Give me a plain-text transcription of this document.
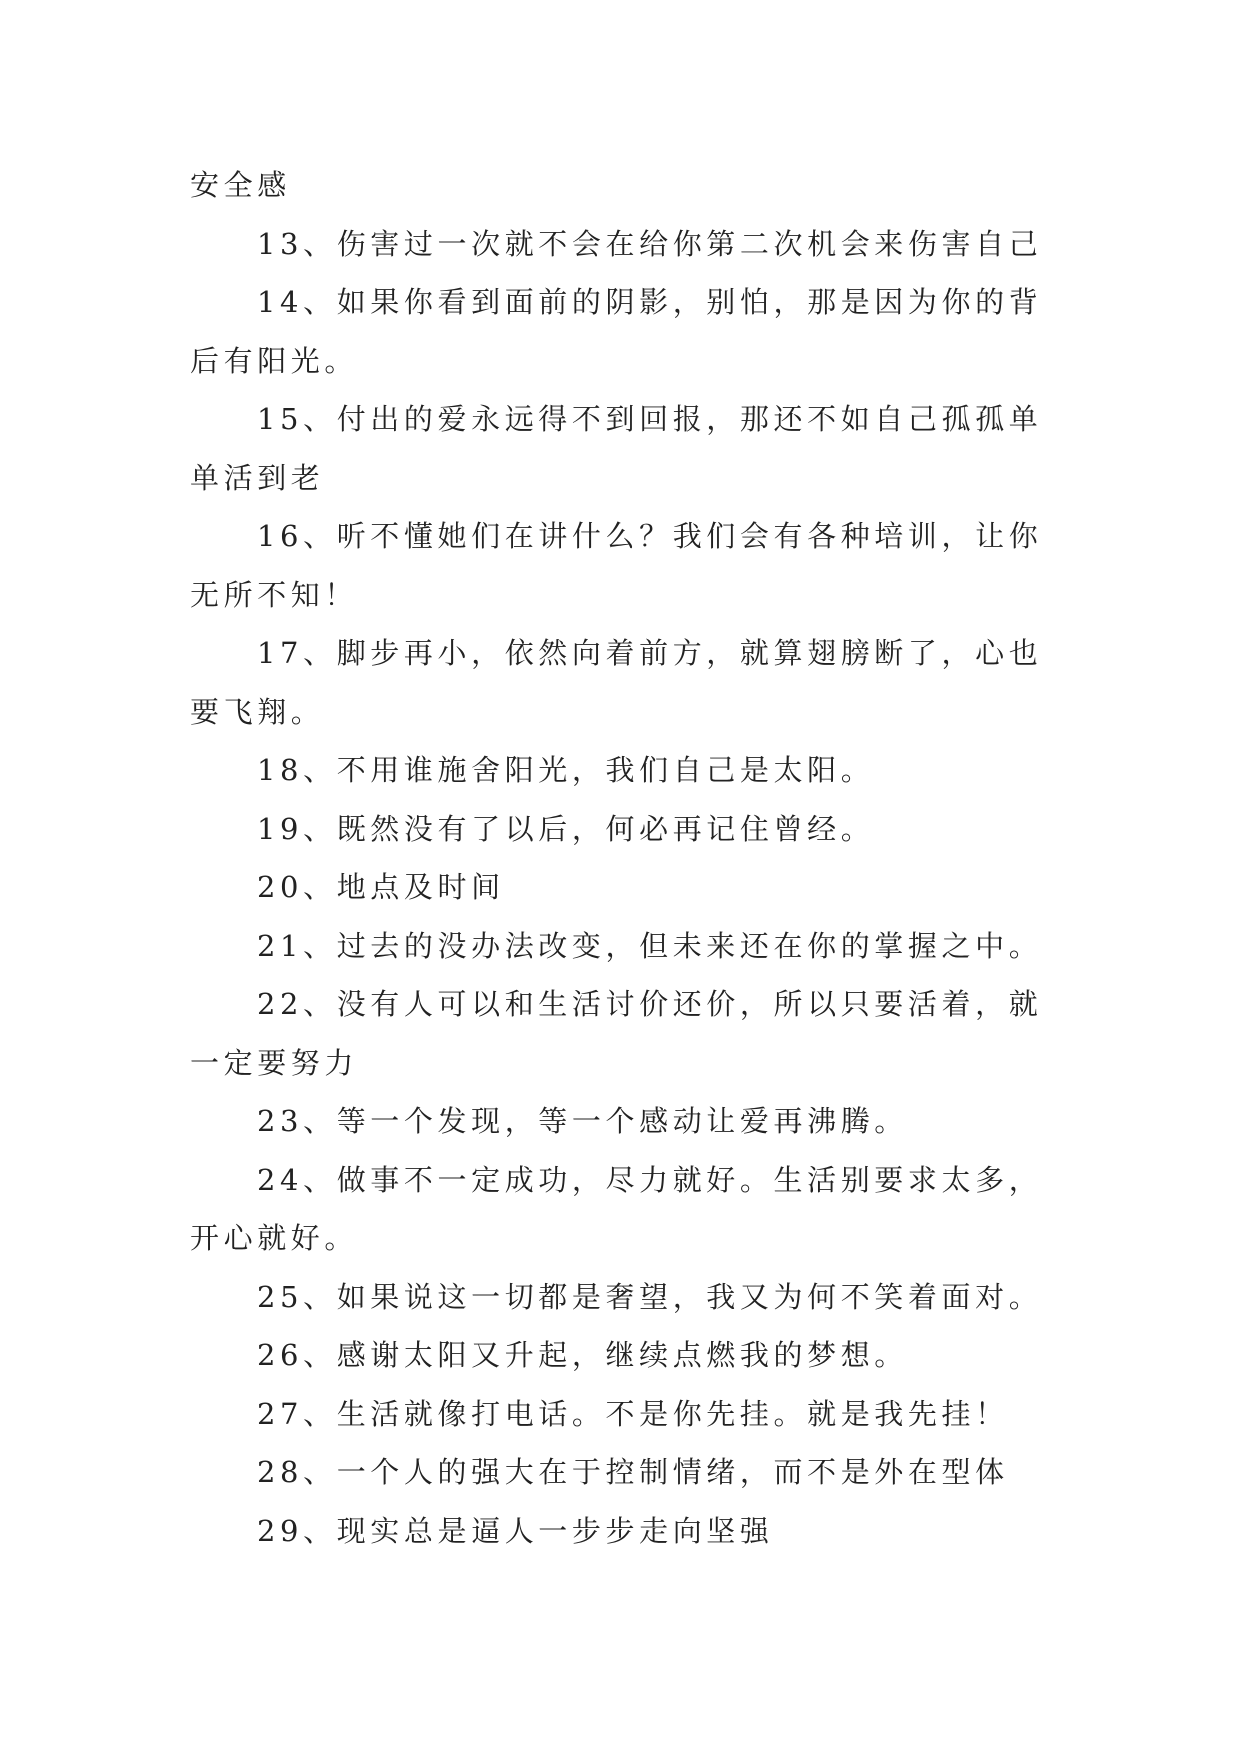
安全感

13、伤害过一次就不会在给你第二次机会来伤害自己

14、如果你看到面前的阴影，别怕，那是因为你的背后有阳光。

15、付出的爱永远得不到回报，那还不如自己孤孤单单活到老

16、听不懂她们在讲什么？我们会有各种培训，让你无所不知！

17、脚步再小，依然向着前方，就算翅膀断了，心也要飞翔。

18、不用谁施舍阳光，我们自己是太阳。

19、既然没有了以后，何必再记住曾经。

20、地点及时间

21、过去的没办法改变，但未来还在你的掌握之中。

22、没有人可以和生活讨价还价，所以只要活着，就一定要努力

23、等一个发现，等一个感动让爱再沸腾。

24、做事不一定成功，尽力就好。生活别要求太多，开心就好。

25、如果说这一切都是奢望，我又为何不笑着面对。

26、感谢太阳又升起，继续点燃我的梦想。

27、生活就像打电话。不是你先挂。就是我先挂！

28、一个人的强大在于控制情绪，而不是外在型体

29、现实总是逼人一步步走向坚强
